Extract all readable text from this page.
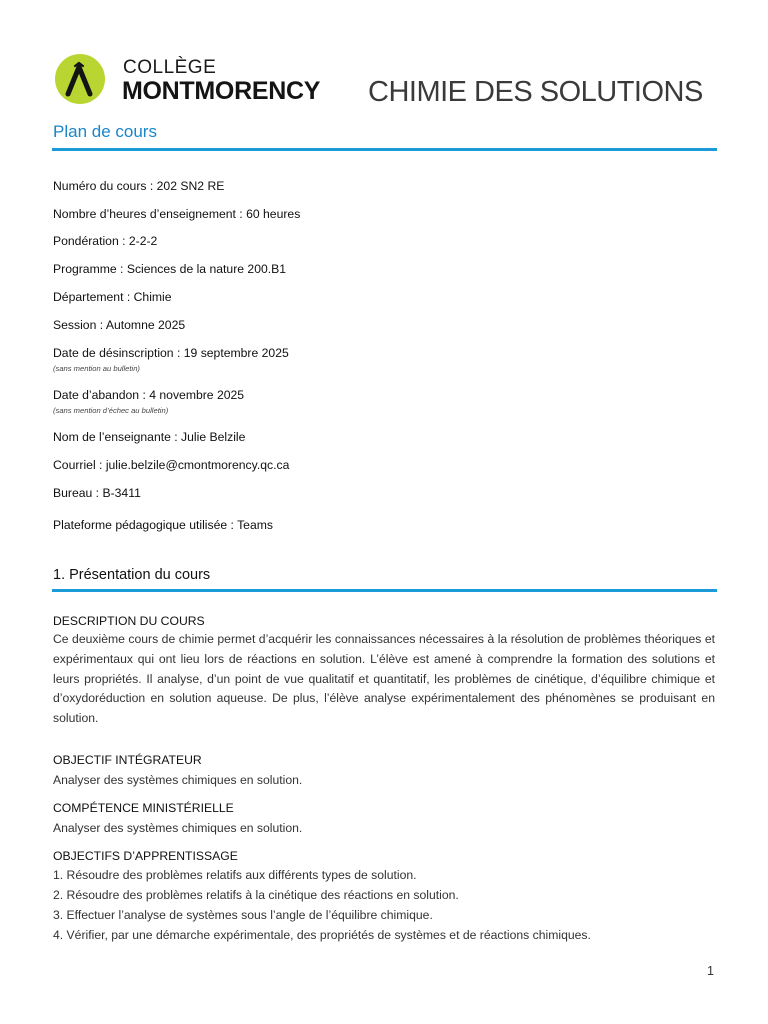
COLLÈGE
MONTMORENCY CHIMIE DES SOLUTIONS
Plan de cours
Numéro du cours : 202 SN2 RE
Nombre d’heures d’enseignement : 60 heures
Pondération : 2-2-2
Programme : Sciences de la nature 200.B1
Département : Chimie
Session : Automne 2025
Date de désinscription : 19 septembre 2025
(sans mention au bulletin)
Date d’abandon : 4 novembre 2025
(sans mention d’échec au bulletin)
Nom de l’enseignante : Julie Belzile
Courriel : julie.belzile@cmontmorency.qc.ca
Bureau : B-3411
Plateforme pédagogique utilisée : Teams
1. Présentation du cours
DESCRIPTION DU COURS
Ce deuxième cours de chimie permet d’acquérir les connaissances nécessaires à la résolution de problèmes théoriques et expérimentaux qui ont lieu lors de réactions en solution. L’élève est amené à comprendre la formation des solutions et leurs propriétés. Il analyse, d’un point de vue qualitatif et quantitatif, les problèmes de cinétique, d’équilibre chimique et d’oxydoréduction en solution aqueuse. De plus, l’élève analyse expérimentalement des phénomènes se produisant en solution.
OBJECTIF INTÉGRATEUR
Analyser des systèmes chimiques en solution.
COMPÉTENCE MINISTÉRIELLE
Analyser des systèmes chimiques en solution.
OBJECTIFS D’APPRENTISSAGE
1. Résoudre des problèmes relatifs aux différents types de solution.
2. Résoudre des problèmes relatifs à la cinétique des réactions en solution.
3. Effectuer l’analyse de systèmes sous l’angle de l’équilibre chimique.
4. Vérifier, par une démarche expérimentale, des propriétés de systèmes et de réactions chimiques.
1
